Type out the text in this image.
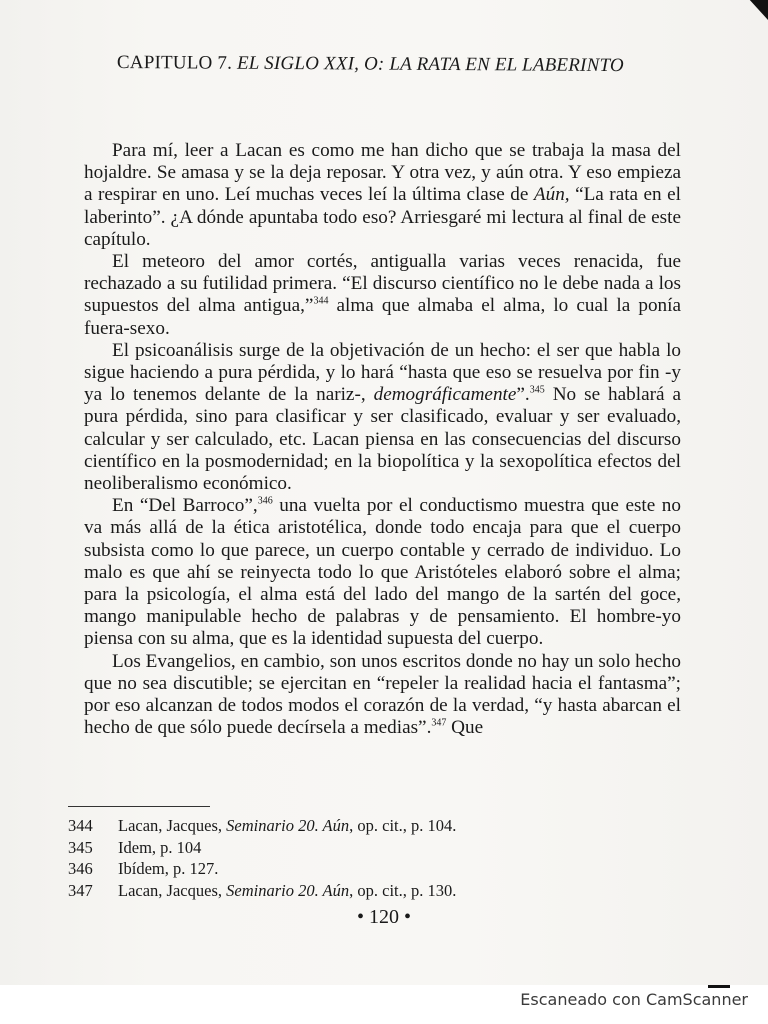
CAPITULO 7. EL SIGLO XXI, O: LA RATA EN EL LABERINTO

Para mí, leer a Lacan es como me han dicho que se trabaja la masa del hojaldre. Se amasa y se la deja reposar. Y otra vez, y aún otra. Y eso empieza a respirar en uno. Leí muchas veces leí la última clase de Aún, “La rata en el laberinto”. ¿A dónde apuntaba todo eso? Arriesgaré mi lectura al final de este capítulo.

El meteoro del amor cortés, antigualla varias veces renacida, fue rechazado a su futilidad primera. “El discurso científico no le debe nada a los supuestos del alma antigua,”$^{344}$ alma que almaba el alma, lo cual la ponía fuera-sexo.

El psicoanálisis surge de la objetivación de un hecho: el ser que habla lo sigue haciendo a pura pérdida, y lo hará “hasta que eso se resuelva por fin -y ya lo tenemos delante de la nariz-, demográficamente”.$^{345}$ No se hablará a pura pérdida, sino para clasificar y ser clasificado, evaluar y ser evaluado, calcular y ser calculado, etc. Lacan piensa en las consecuencias del discurso científico en la posmodernidad; en la biopolítica y la sexopolítica efectos del neoliberalismo económico.

En “Del Barroco”,$^{346}$ una vuelta por el conductismo muestra que este no va más allá de la ética aristotélica, donde todo encaja para que el cuerpo subsista como lo que parece, un cuerpo contable y cerrado de individuo. Lo malo es que ahí se reinyecta todo lo que Aristóteles elaboró sobre el alma; para la psicología, el alma está del lado del mango de la sartén del goce, mango manipulable hecho de palabras y de pensamiento. El hombre-yo piensa con su alma, que es la identidad supuesta del cuerpo.

Los Evangelios, en cambio, son unos escritos donde no hay un solo hecho que no sea discutible; se ejercitan en “repeler la realidad hacia el fantasma”; por eso alcanzan de todos modos el corazón de la verdad, “y hasta abarcan el hecho de que sólo puede decírsela a medias”.$^{347}$ Que

344	Lacan, Jacques, Seminario 20. Aún, op. cit., p. 104.
345	Idem, p. 104
346	Ibídem, p. 127.
347	Lacan, Jacques, Seminario 20. Aún, op. cit., p. 130.
• 120 •
Escaneado con CamScanner
